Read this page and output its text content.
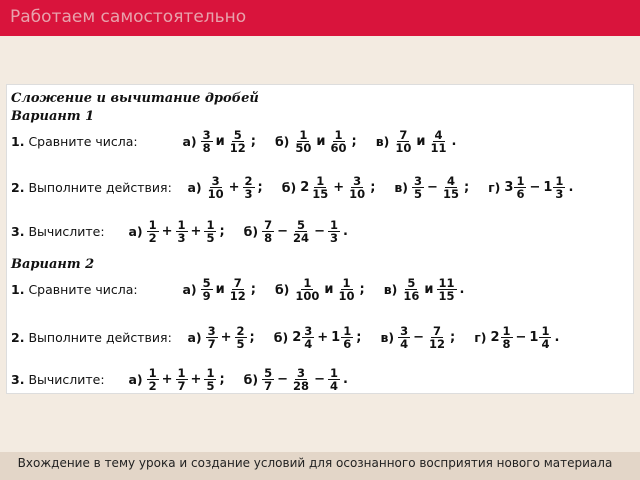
Работаем самостоятельно
Сложение и вычитание дробей
Вариант 1
1. Сравните числа:	$а) \frac{3}{8}$ и $\frac{5}{12}$ ; $б) \frac{1}{50}$ и $\frac{1}{60}$ ; $в) \frac{7}{10}$ и $\frac{4}{11}$ .
2. Выполните действия:	$а) \frac{3}{10} + \frac{2}{3}$ ; б) $2 \frac{1}{15} + \frac{3}{10}$ ; $в) \frac{3}{5} - \frac{4}{15}$ ; г) $3 \frac{1}{6} - 1 \frac{1}{3}$ .
3. Вычислите:	$а) \frac{1}{2} + \frac{1}{3} + \frac{1}{5}$ ; $б) \frac{7}{8} - \frac{5}{24} - \frac{1}{3}$ .
Вариант 2
1. Сравните числа:	$а) \frac{5}{9}$ и $\frac{7}{12}$ ; $б) \frac{1}{100}$ и $\frac{1}{10}$ ; $в) \frac{5}{16}$ и $\frac{11}{15}$ .
2. Выполните действия:	$а) \frac{3}{7} + \frac{2}{5}$ ; б) $2 \frac{3}{4} + 1 \frac{1}{6}$ ; $в) \frac{3}{4} - \frac{7}{12}$ ; г) $2 \frac{1}{8} - 1 \frac{1}{4}$ .
3. Вычислите:	$а) \frac{1}{2} + \frac{1}{7} + \frac{1}{5}$ ; $б) \frac{5}{7} - \frac{3}{28} - \frac{1}{4}$ .
Вхождение в тему урока и создание условий для осознанного восприятия нового материала
